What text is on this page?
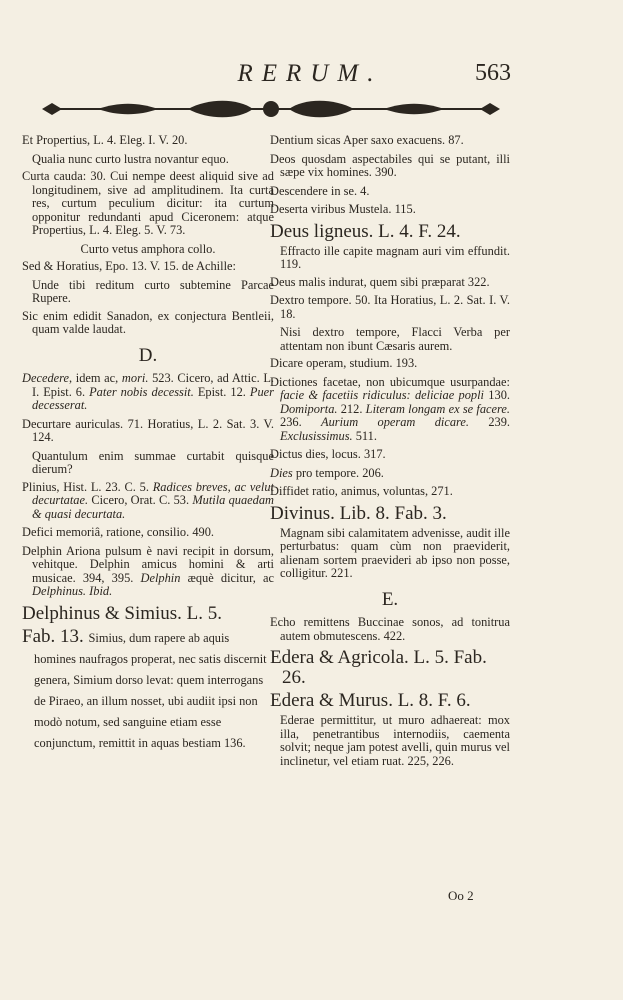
RERUM.	563

Et Propertius, L. 4. Eleg. I. V. 20.

Qualia nunc curto lustra novantur equo.

Curta cauda: 30. Cui nempe deest aliquid sive ad longitudinem, sive ad amplitudinem. Ita curta res, curtum peculium dicitur: ita curtum opponitur redundanti apud Ciceronem: atque Propertius, L. 4. Eleg. 5. V. 73.

Curto vetus amphora collo.

Sed & Horatius, Epo. 13. V. 15. de Achille:

Unde tibi reditum curto subtemine Parcae Rupere.

Sic enim edidit Sanadon, ex conjectura Bentleii, quam valde laudat.

D.

Decedere, idem ac, mori. 523. Cicero, ad Attic. L. I. Epist. 6. Pater nobis decessit. Epist. 12. Puer decesserat.

Decurtare auriculas. 71. Horatius, L. 2. Sat. 3. V. 124.

Quantulum enim summae curtabit quisque dierum?

Plinius, Hist. L. 23. C. 5. Radices breves, ac velut decurtatae. Cicero, Orat. C. 53. Mutila quaedam & quasi decurtata.

Defici memoriâ, ratione, consilio. 490.

Delphin Ariona pulsum è navi recipit in dorsum, vehitque. Delphin amicus homini & arti musicae. 394, 395. Delphin æquè dicitur, ac Delphinus. Ibid.

Delphinus & Simius. L. 5.

Fab. 13. Simius, dum rapere ab aquis homines naufragos properat, nec satis discernit genera, Simium dorso levat: quem interrogans de Piraeo, an illum nosset, ubi audiit ipsi non modò notum, sed sanguine etiam esse conjunctum, remittit in aquas bestiam 136.

Dentium sicas Aper saxo exacuens. 87.

Deos quosdam aspectabiles qui se putant, illi sæpe vix homines. 390.

Descendere in se. 4.

Deserta viribus Mustela. 115.

Deus ligneus. L. 4. F. 24.

Effracto ille capite magnam auri vim effundit. 119.

Deus malis indurat, quem sibi præparat 322.

Dextro tempore. 50. Ita Horatius, L. 2. Sat. I. V. 18.

Nisi dextro tempore, Flacci Verba per attentam non ibunt Cæsaris aurem.

Dicare operam, studium. 193.

Dictiones facetae, non ubicumque usurpandae: facie & facetiis ridiculus: deliciae popli 130. Domiporta. 212. Literam longam ex se facere. 236. Aurium operam dicare. 239. Exclusissimus. 511.

Dictus dies, locus. 317.

Dies pro tempore. 206.

Diffidet ratio, animus, voluntas, 271.

Divinus. Lib. 8. Fab. 3.

Magnam sibi calamitatem advenisse, audit ille perturbatus: quam cùm non praeviderit, alienam sortem praevideri ab ipso non posse, colligitur. 221.

E.

Echo remittens Buccinae sonos, ad tonitrua autem obmutescens. 422.

Edera & Agricola. L. 5. Fab. 26.

Edera & Murus. L. 8. F. 6.

Ederae permittitur, ut muro adhaereat: mox illa, penetrantibus internodiis, caementa solvit; neque jam potest avelli, quin murus vel inclinetur, vel etiam ruat. 225, 226.

Oo 2
